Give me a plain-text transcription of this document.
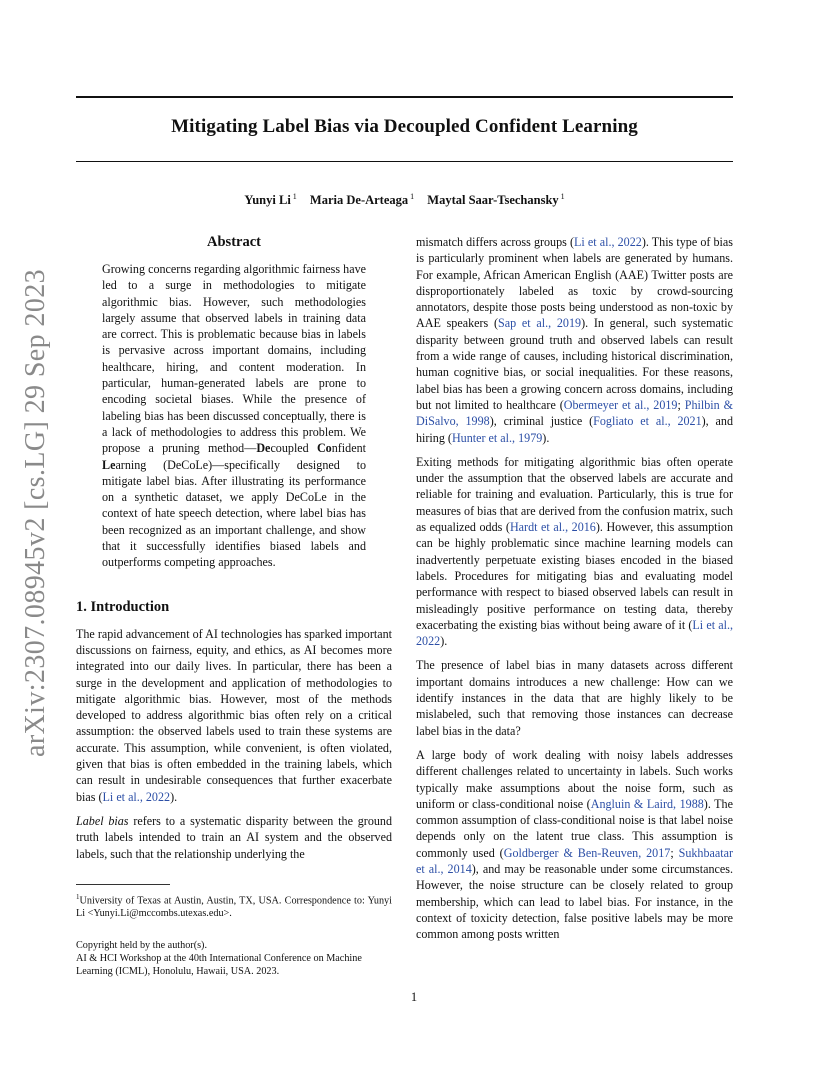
Mitigating Label Bias via Decoupled Confident Learning
Yunyi Li $^1$ Maria De-Arteaga $^1$ Maytal Saar-Tsechansky $^1$
arXiv:2307.08945v2 [cs.LG] 29 Sep 2023
Abstract

Growing concerns regarding algorithmic fairness have led to a surge in methodologies to mitigate algorithmic bias. However, such methodologies largely assume that observed labels in training data are correct. This is problematic because bias in labels is pervasive across important domains, including healthcare, hiring, and content moderation. In particular, human-generated labels are prone to encoding societal biases. While the presence of labeling bias has been discussed conceptually, there is a lack of methodologies to address this problem. We propose a pruning method—Decoupled Confident Learning (DeCoLe)—specifically designed to mitigate label bias. After illustrating its performance on a synthetic dataset, we apply DeCoLe in the context of hate speech detection, where label bias has been recognized as an important challenge, and show that it successfully identifies biased labels and outperforms competing approaches.

1. Introduction

The rapid advancement of AI technologies has sparked important discussions on fairness, equity, and ethics, as AI becomes more integrated into our daily lives. In particular, there has been a surge in the development and application of methodologies to mitigate algorithmic bias. However, most of the methods developed to address algorithmic bias often rely on a critical assumption: the observed labels used to train these systems are accurate. This assumption, while convenient, is often violated, given that bias is often embedded in the training labels, which can result in undesirable consequences that further exacerbate bias (Li et al., 2022).

Label bias refers to a systematic disparity between the ground truth labels intended to train an AI system and the observed labels, such that the relationship underlying the

$^1$University of Texas at Austin, Austin, TX, USA. Correspondence to: Yunyi Li <Yunyi.Li@mccombs.utexas.edu>.
Copyright held by the author(s).
AI & HCI Workshop at the 40th International Conference on Machine Learning (ICML), Honolulu, Hawaii, USA. 2023.

mismatch differs across groups (Li et al., 2022). This type of bias is particularly prominent when labels are generated by humans. For example, African American English (AAE) Twitter posts are disproportionately labeled as toxic by crowd-sourcing annotators, despite those posts being understood as non-toxic by AAE speakers (Sap et al., 2019). In general, such systematic disparity between ground truth and observed labels can result from a wide range of causes, including historical discrimination, human cognitive bias, or social inequalities. For these reasons, label bias has been a growing concern across domains, including but not limited to healthcare (Obermeyer et al., 2019; Philbin & DiSalvo, 1998), criminal justice (Fogliato et al., 2021), and hiring (Hunter et al., 1979).

Exiting methods for mitigating algorithmic bias often operate under the assumption that the observed labels are accurate and reliable for training and evaluation. Particularly, this is true for measures of bias that are derived from the confusion matrix, such as equalized odds (Hardt et al., 2016). However, this assumption can be highly problematic since machine learning models can inadvertently perpetuate existing biases encoded in the biased labels. Procedures for mitigating bias and evaluating model performance with respect to biased observed labels can result in misleadingly positive performance on testing data, thereby exacerbating the existing bias without being aware of it (Li et al., 2022).

The presence of label bias in many datasets across different important domains introduces a new challenge: How can we identify instances in the data that are highly likely to be mislabeled, such that removing those instances can decrease label bias in the data?

A large body of work dealing with noisy labels addresses different challenges related to uncertainty in labels. Such works typically make assumptions about the noise form, such as uniform or class-conditional noise (Angluin & Laird, 1988). The common assumption of class-conditional noise is that label noise depends only on the latent true class. This assumption is commonly used (Goldberger & Ben-Reuven, 2017; Sukhbaatar et al., 2014), and may be reasonable under some circumstances. However, the noise structure can be closely related to group membership, which can lead to label bias. For instance, in the context of toxicity detection, false positive labels may be more common among posts written

1
